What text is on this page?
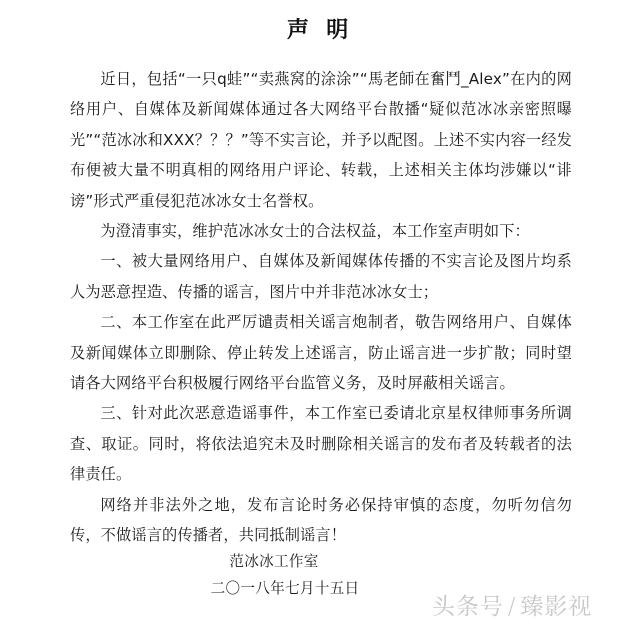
声 明

近日，包括“一只q蛙”“卖燕窝的涂涂”“馬老師在奮鬥_Alex”在内的网络用户、自媒体及新闻媒体通过各大网络平台散播“疑似范冰冰亲密照曝光”“范冰冰和XXX？？？”等不实言论，并予以配图。上述不实内容一经发布便被大量不明真相的网络用户评论、转载，上述相关主体均涉嫌以“诽谤”形式严重侵犯范冰冰女士名誉权。

为澄清事实，维护范冰冰女士的合法权益，本工作室声明如下：

一、被大量网络用户、自媒体及新闻媒体传播的不实言论及图片均系人为恶意捏造、传播的谣言，图片中并非范冰冰女士；

二、本工作室在此严厉谴责相关谣言炮制者，敬告网络用户、自媒体及新闻媒体立即删除、停止转发上述谣言，防止谣言进一步扩散；同时望请各大网络平台积极履行网络平台监管义务，及时屏蔽相关谣言。

三、针对此次恶意造谣事件，本工作室已委请北京星权律师事务所调查、取证。同时，将依法追究未及时删除相关谣言的发布者及转载者的法律责任。

网络并非法外之地，发布言论时务必保持审慎的态度，勿听勿信勿传，不做谣言的传播者，共同抵制谣言！

范冰冰工作室
二〇一八年七月十五日
头条号 / 臻影视
